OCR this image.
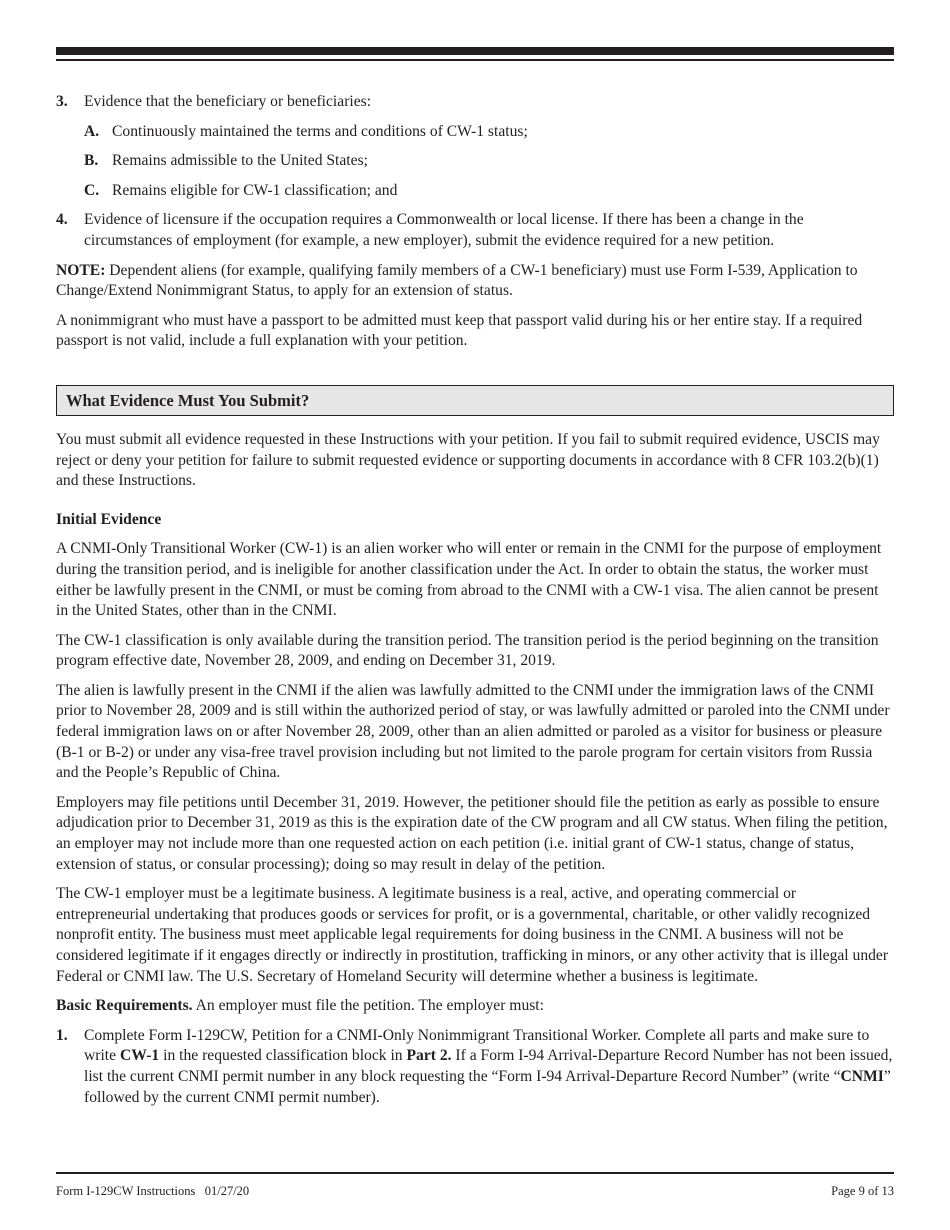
3. Evidence that the beneficiary or beneficiaries:

A. Continuously maintained the terms and conditions of CW-1 status;

B. Remains admissible to the United States;

C. Remains eligible for CW-1 classification; and

4. Evidence of licensure if the occupation requires a Commonwealth or local license. If there has been a change in the circumstances of employment (for example, a new employer), submit the evidence required for a new petition.

NOTE: Dependent aliens (for example, qualifying family members of a CW-1 beneficiary) must use Form I-539, Application to Change/Extend Nonimmigrant Status, to apply for an extension of status.

A nonimmigrant who must have a passport to be admitted must keep that passport valid during his or her entire stay. If a required passport is not valid, include a full explanation with your petition.

What Evidence Must You Submit?

You must submit all evidence requested in these Instructions with your petition. If you fail to submit required evidence, USCIS may reject or deny your petition for failure to submit requested evidence or supporting documents in accordance with 8 CFR 103.2(b)(1) and these Instructions.

Initial Evidence

A CNMI-Only Transitional Worker (CW-1) is an alien worker who will enter or remain in the CNMI for the purpose of employment during the transition period, and is ineligible for another classification under the Act. In order to obtain the status, the worker must either be lawfully present in the CNMI, or must be coming from abroad to the CNMI with a CW-1 visa. The alien cannot be present in the United States, other than in the CNMI.

The CW-1 classification is only available during the transition period. The transition period is the period beginning on the transition program effective date, November 28, 2009, and ending on December 31, 2019.

The alien is lawfully present in the CNMI if the alien was lawfully admitted to the CNMI under the immigration laws of the CNMI prior to November 28, 2009 and is still within the authorized period of stay, or was lawfully admitted or paroled into the CNMI under federal immigration laws on or after November 28, 2009, other than an alien admitted or paroled as a visitor for business or pleasure (B-1 or B-2) or under any visa-free travel provision including but not limited to the parole program for certain visitors from Russia and the People’s Republic of China.

Employers may file petitions until December 31, 2019. However, the petitioner should file the petition as early as possible to ensure adjudication prior to December 31, 2019 as this is the expiration date of the CW program and all CW status. When filing the petition, an employer may not include more than one requested action on each petition (i.e. initial grant of CW-1 status, change of status, extension of status, or consular processing); doing so may result in delay of the petition.

The CW-1 employer must be a legitimate business. A legitimate business is a real, active, and operating commercial or entrepreneurial undertaking that produces goods or services for profit, or is a governmental, charitable, or other validly recognized nonprofit entity. The business must meet applicable legal requirements for doing business in the CNMI. A business will not be considered legitimate if it engages directly or indirectly in prostitution, trafficking in minors, or any other activity that is illegal under Federal or CNMI law. The U.S. Secretary of Homeland Security will determine whether a business is legitimate.

Basic Requirements. An employer must file the petition. The employer must:

1. Complete Form I-129CW, Petition for a CNMI-Only Nonimmigrant Transitional Worker. Complete all parts and make sure to write CW-1 in the requested classification block in Part 2. If a Form I-94 Arrival-Departure Record Number has not been issued, list the current CNMI permit number in any block requesting the “Form I-94 Arrival-Departure Record Number” (write “CNMI” followed by the current CNMI permit number).

Form I-129CW Instructions   01/27/20	Page 9 of 13
